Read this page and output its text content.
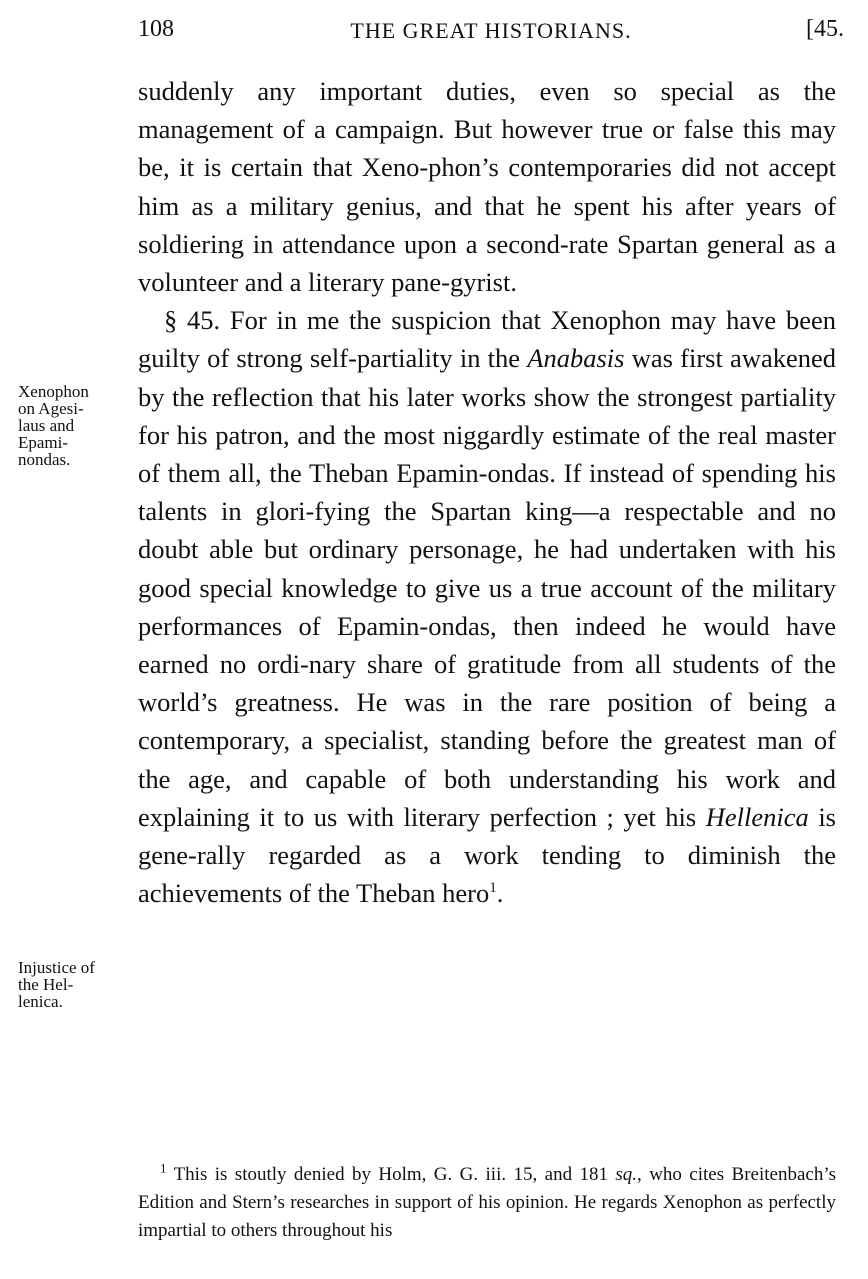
108	THE GREAT HISTORIANS.	[45.
Xenophon
on Agesi-
laus and
Epami-
nondas.
Injustice of
the Hel-
lenica.

suddenly any important duties, even so special as the management of a campaign. But however true or false this may be, it is certain that Xeno-phon’s contemporaries did not accept him as a military genius, and that he spent his after years of soldiering in attendance upon a second-rate Spartan general as a volunteer and a literary pane-gyrist.

§ 45. For in me the suspicion that Xenophon may have been guilty of strong self-partiality in the Anabasis was first awakened by the reflection that his later works show the strongest partiality for his patron, and the most niggardly estimate of the real master of them all, the Theban Epamin-ondas. If instead of spending his talents in glori-fying the Spartan king—a respectable and no doubt able but ordinary personage, he had undertaken with his good special knowledge to give us a true account of the military performances of Epamin-ondas, then indeed he would have earned no ordi-nary share of gratitude from all students of the world’s greatness. He was in the rare position of being a contemporary, a specialist, standing before the greatest man of the age, and capable of both understanding his work and explaining it to us with literary perfection ; yet his Hellenica is gene-rally regarded as a work tending to diminish the achievements of the Theban hero$^1$.

$^1$ This is stoutly denied by Holm, G. G. iii. 15, and 181 sq., who cites Breitenbach’s Edition and Stern’s researches in support of his opinion. He regards Xenophon as perfectly impartial to others throughout his
